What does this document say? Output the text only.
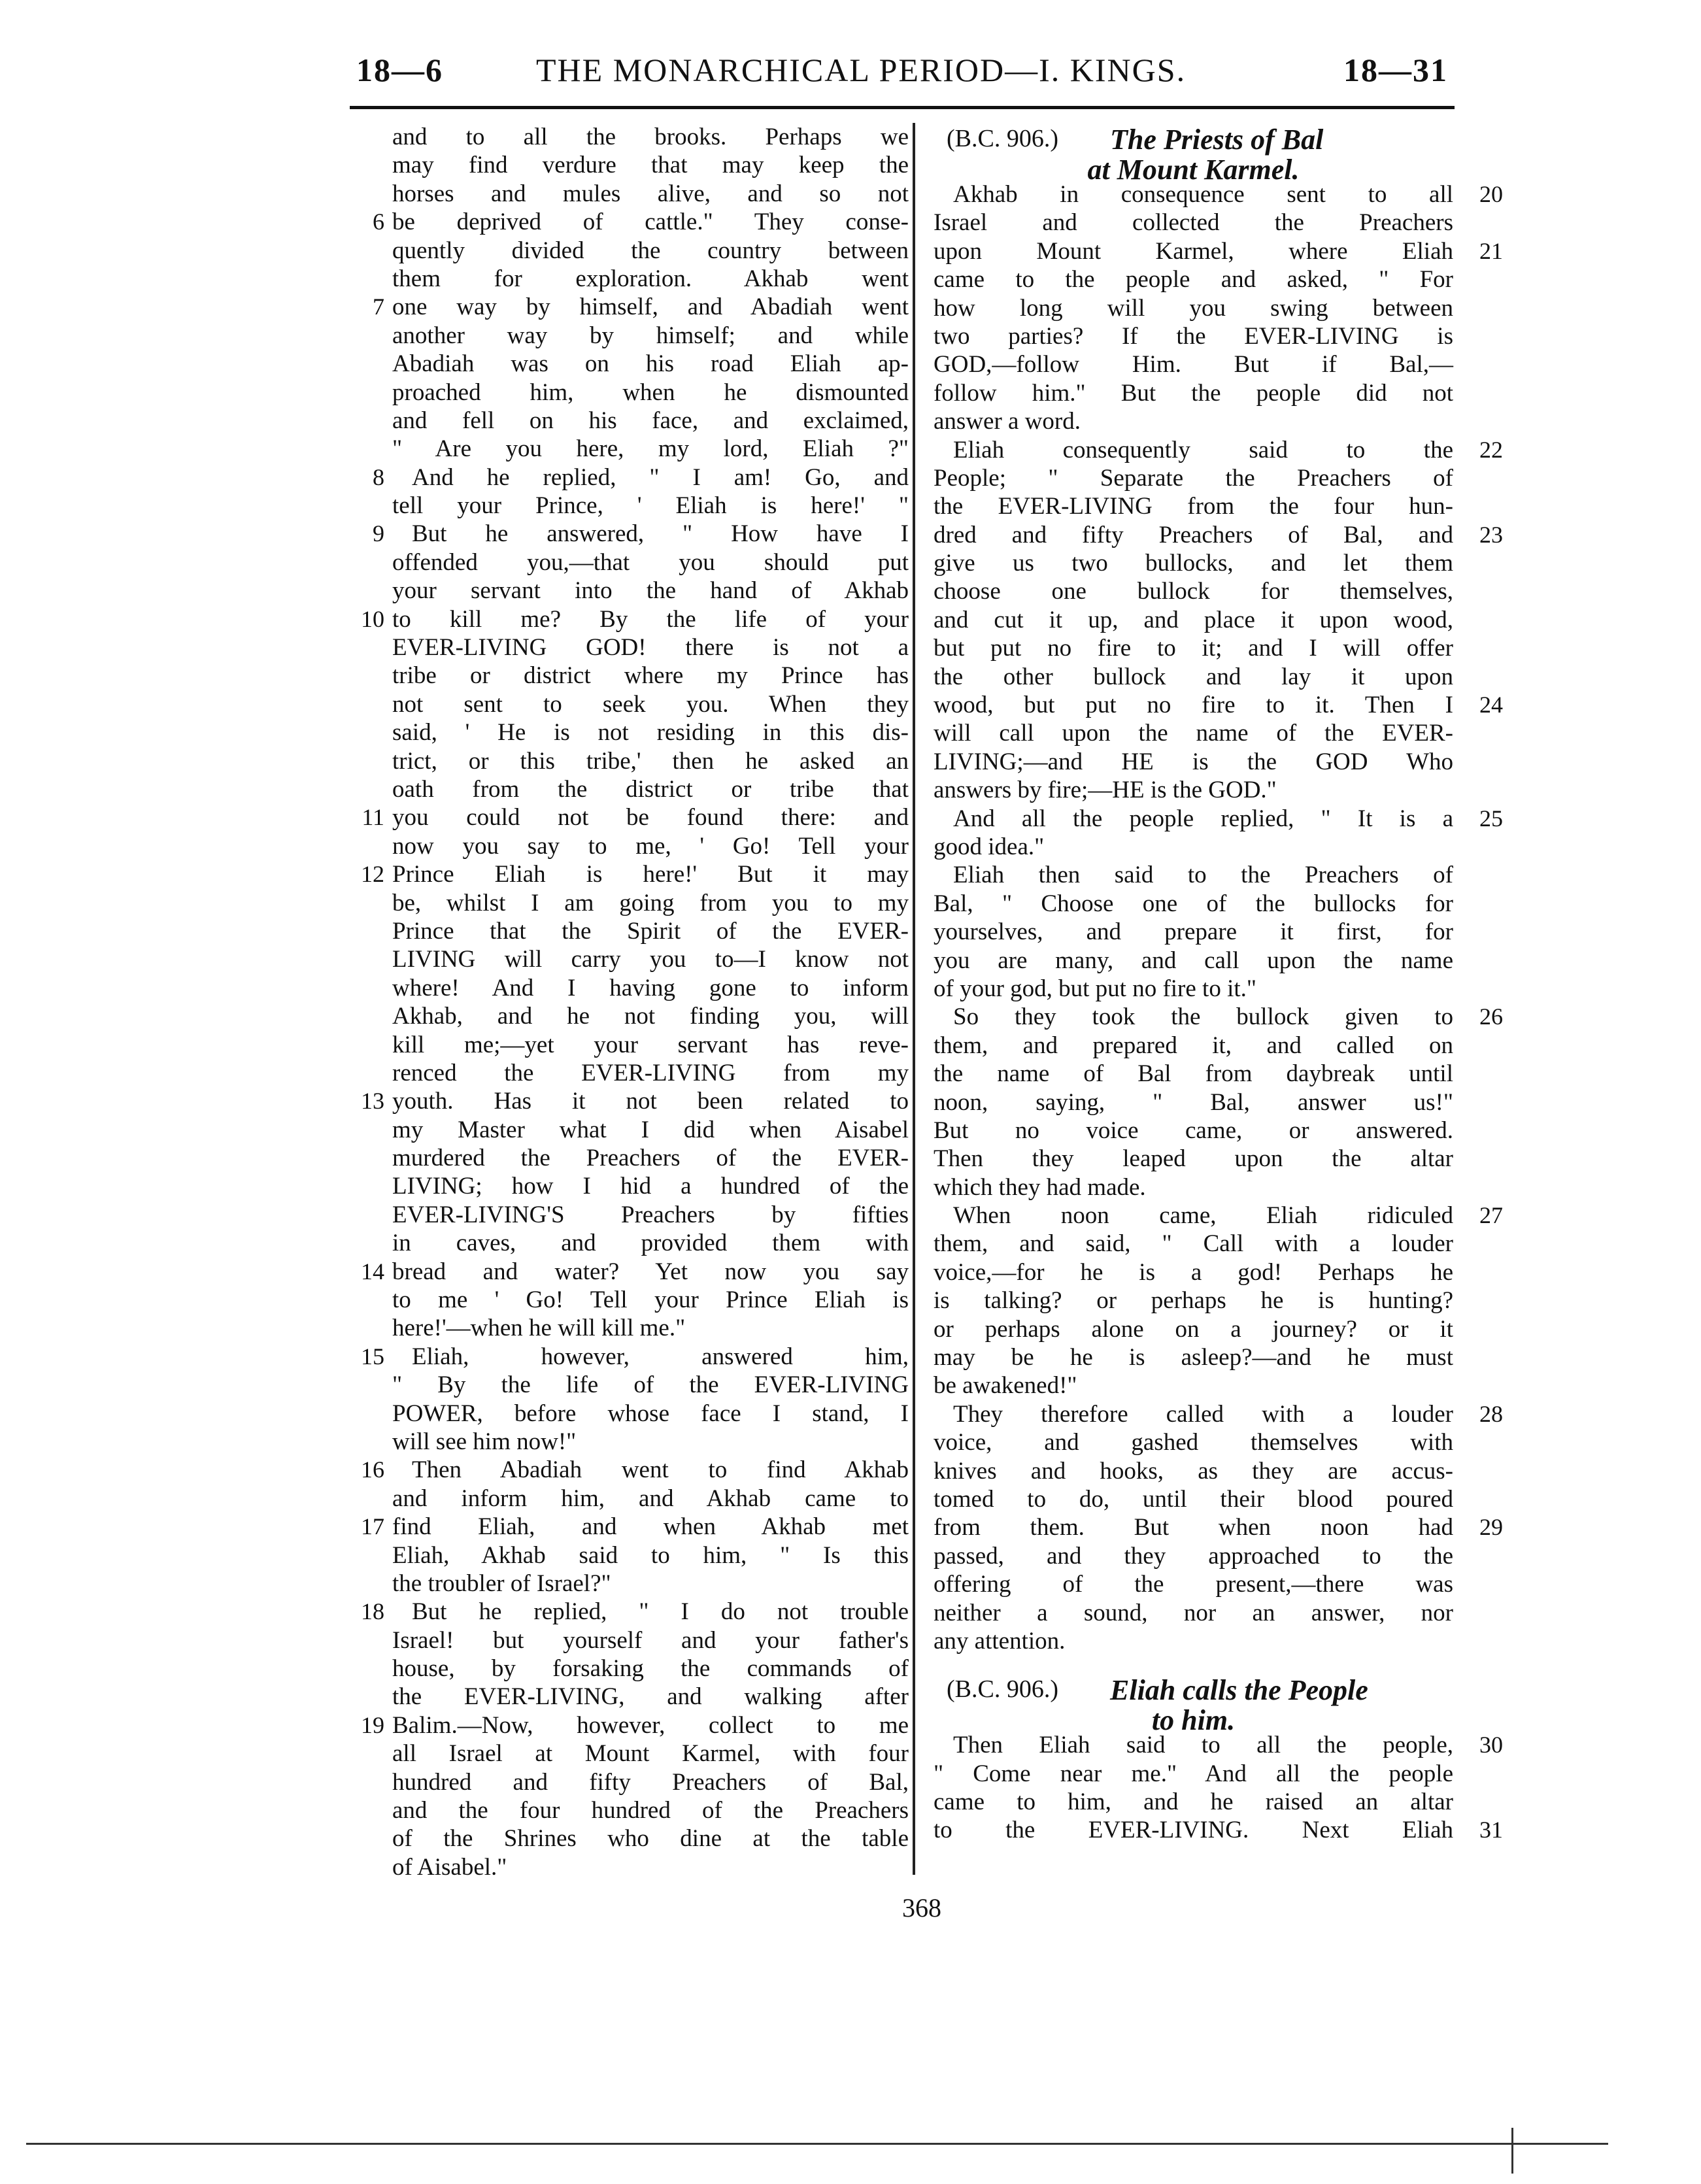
18—6	THE MONARCHICAL PERIOD—I. KINGS.	18—31
and to all the brooks. Perhaps we
may find verdure that may keep the
horses and mules alive, and so not
be deprived of cattle." They conse-
6
quently divided the country between
them for exploration. Akhab went
one way by himself, and Abadiah went
7
another way by himself; and while
Abadiah was on his road Eliah ap-
proached him, when he dismounted
and fell on his face, and exclaimed,
" Are you here, my lord, Eliah ?"
And he replied, " I am! Go, and
8
tell your Prince, ' Eliah is here!' "
But he answered, " How have I
9
offended you,—that you should put
your servant into the hand of Akhab
to kill me? By the life of your
10
EVER-LIVING GOD! there is not a
tribe or district where my Prince has
not sent to seek you. When they
said, ' He is not residing in this dis-
trict, or this tribe,' then he asked an
oath from the district or tribe that
you could not be found there: and
11
now you say to me, ' Go! Tell your
Prince Eliah is here!' But it may
12
be, whilst I am going from you to my
Prince that the Spirit of the EVER-
LIVING will carry you to—I know not
where! And I having gone to inform
Akhab, and he not finding you, will
kill me;—yet your servant has reve-
renced the EVER-LIVING from my
youth. Has it not been related to
13
my Master what I did when Aisabel
murdered the Preachers of the EVER-
LIVING; how I hid a hundred of the
EVER-LIVING'S Preachers by fifties
in caves, and provided them with
bread and water? Yet now you say
14
to me ' Go! Tell your Prince Eliah is
here!'—when he will kill me."
Eliah, however, answered him,
15
" By the life of the EVER-LIVING
POWER, before whose face I stand, I
will see him now!"
Then Abadiah went to find Akhab
16
and inform him, and Akhab came to
find Eliah, and when Akhab met
17
Eliah, Akhab said to him, " Is this
the troubler of Israel?"
But he replied, " I do not trouble
18
Israel! but yourself and your father's
house, by forsaking the commands of
the EVER-LIVING, and walking after
Balim.—Now, however, collect to me
19
all Israel at Mount Karmel, with four
hundred and fifty Preachers of Bal,
and the four hundred of the Preachers
of the Shrines who dine at the table
of Aisabel."
(B.C. 906.) The Priests of Bal
at Mount Karmel.
Akhab in consequence sent to all 20
Israel and collected the Preachers
upon Mount Karmel, where Eliah 21
came to the people and asked, " For
how long will you swing between
two parties? If the EVER-LIVING is
GOD,—follow Him. But if Bal,—
follow him." But the people did not
answer a word.
Eliah consequently said to the 22
People; " Separate the Preachers of
the EVER-LIVING from the four hun-
dred and fifty Preachers of Bal, and 23
give us two bullocks, and let them
choose one bullock for themselves,
and cut it up, and place it upon wood,
but put no fire to it; and I will offer
the other bullock and lay it upon
wood, but put no fire to it. Then I 24
will call upon the name of the EVER-
LIVING;—and HE is the GOD Who
answers by fire;—HE is the GOD."
And all the people replied, " It is a 25
good idea."
Eliah then said to the Preachers of
Bal, " Choose one of the bullocks for
yourselves, and prepare it first, for
you are many, and call upon the name
of your god, but put no fire to it."
So they took the bullock given to 26
them, and prepared it, and called on
the name of Bal from daybreak until
noon, saying, " Bal, answer us!"
But no voice came, or answered.
Then they leaped upon the altar
which they had made.
When noon came, Eliah ridiculed 27
them, and said, " Call with a louder
voice,—for he is a god! Perhaps he
is talking? or perhaps he is hunting?
or perhaps alone on a journey? or it
may be he is asleep?—and he must
be awakened!"
They therefore called with a louder 28
voice, and gashed themselves with
knives and hooks, as they are accus-
tomed to do, until their blood poured
from them. But when noon had 29
passed, and they approached to the
offering of the present,—there was
neither a sound, nor an answer, nor
any attention.
(B.C. 906.) Eliah calls the People
to him.
Then Eliah said to all the people, 30
" Come near me." And all the people
came to him, and he raised an altar
to the EVER-LIVING. Next Eliah 31
368
